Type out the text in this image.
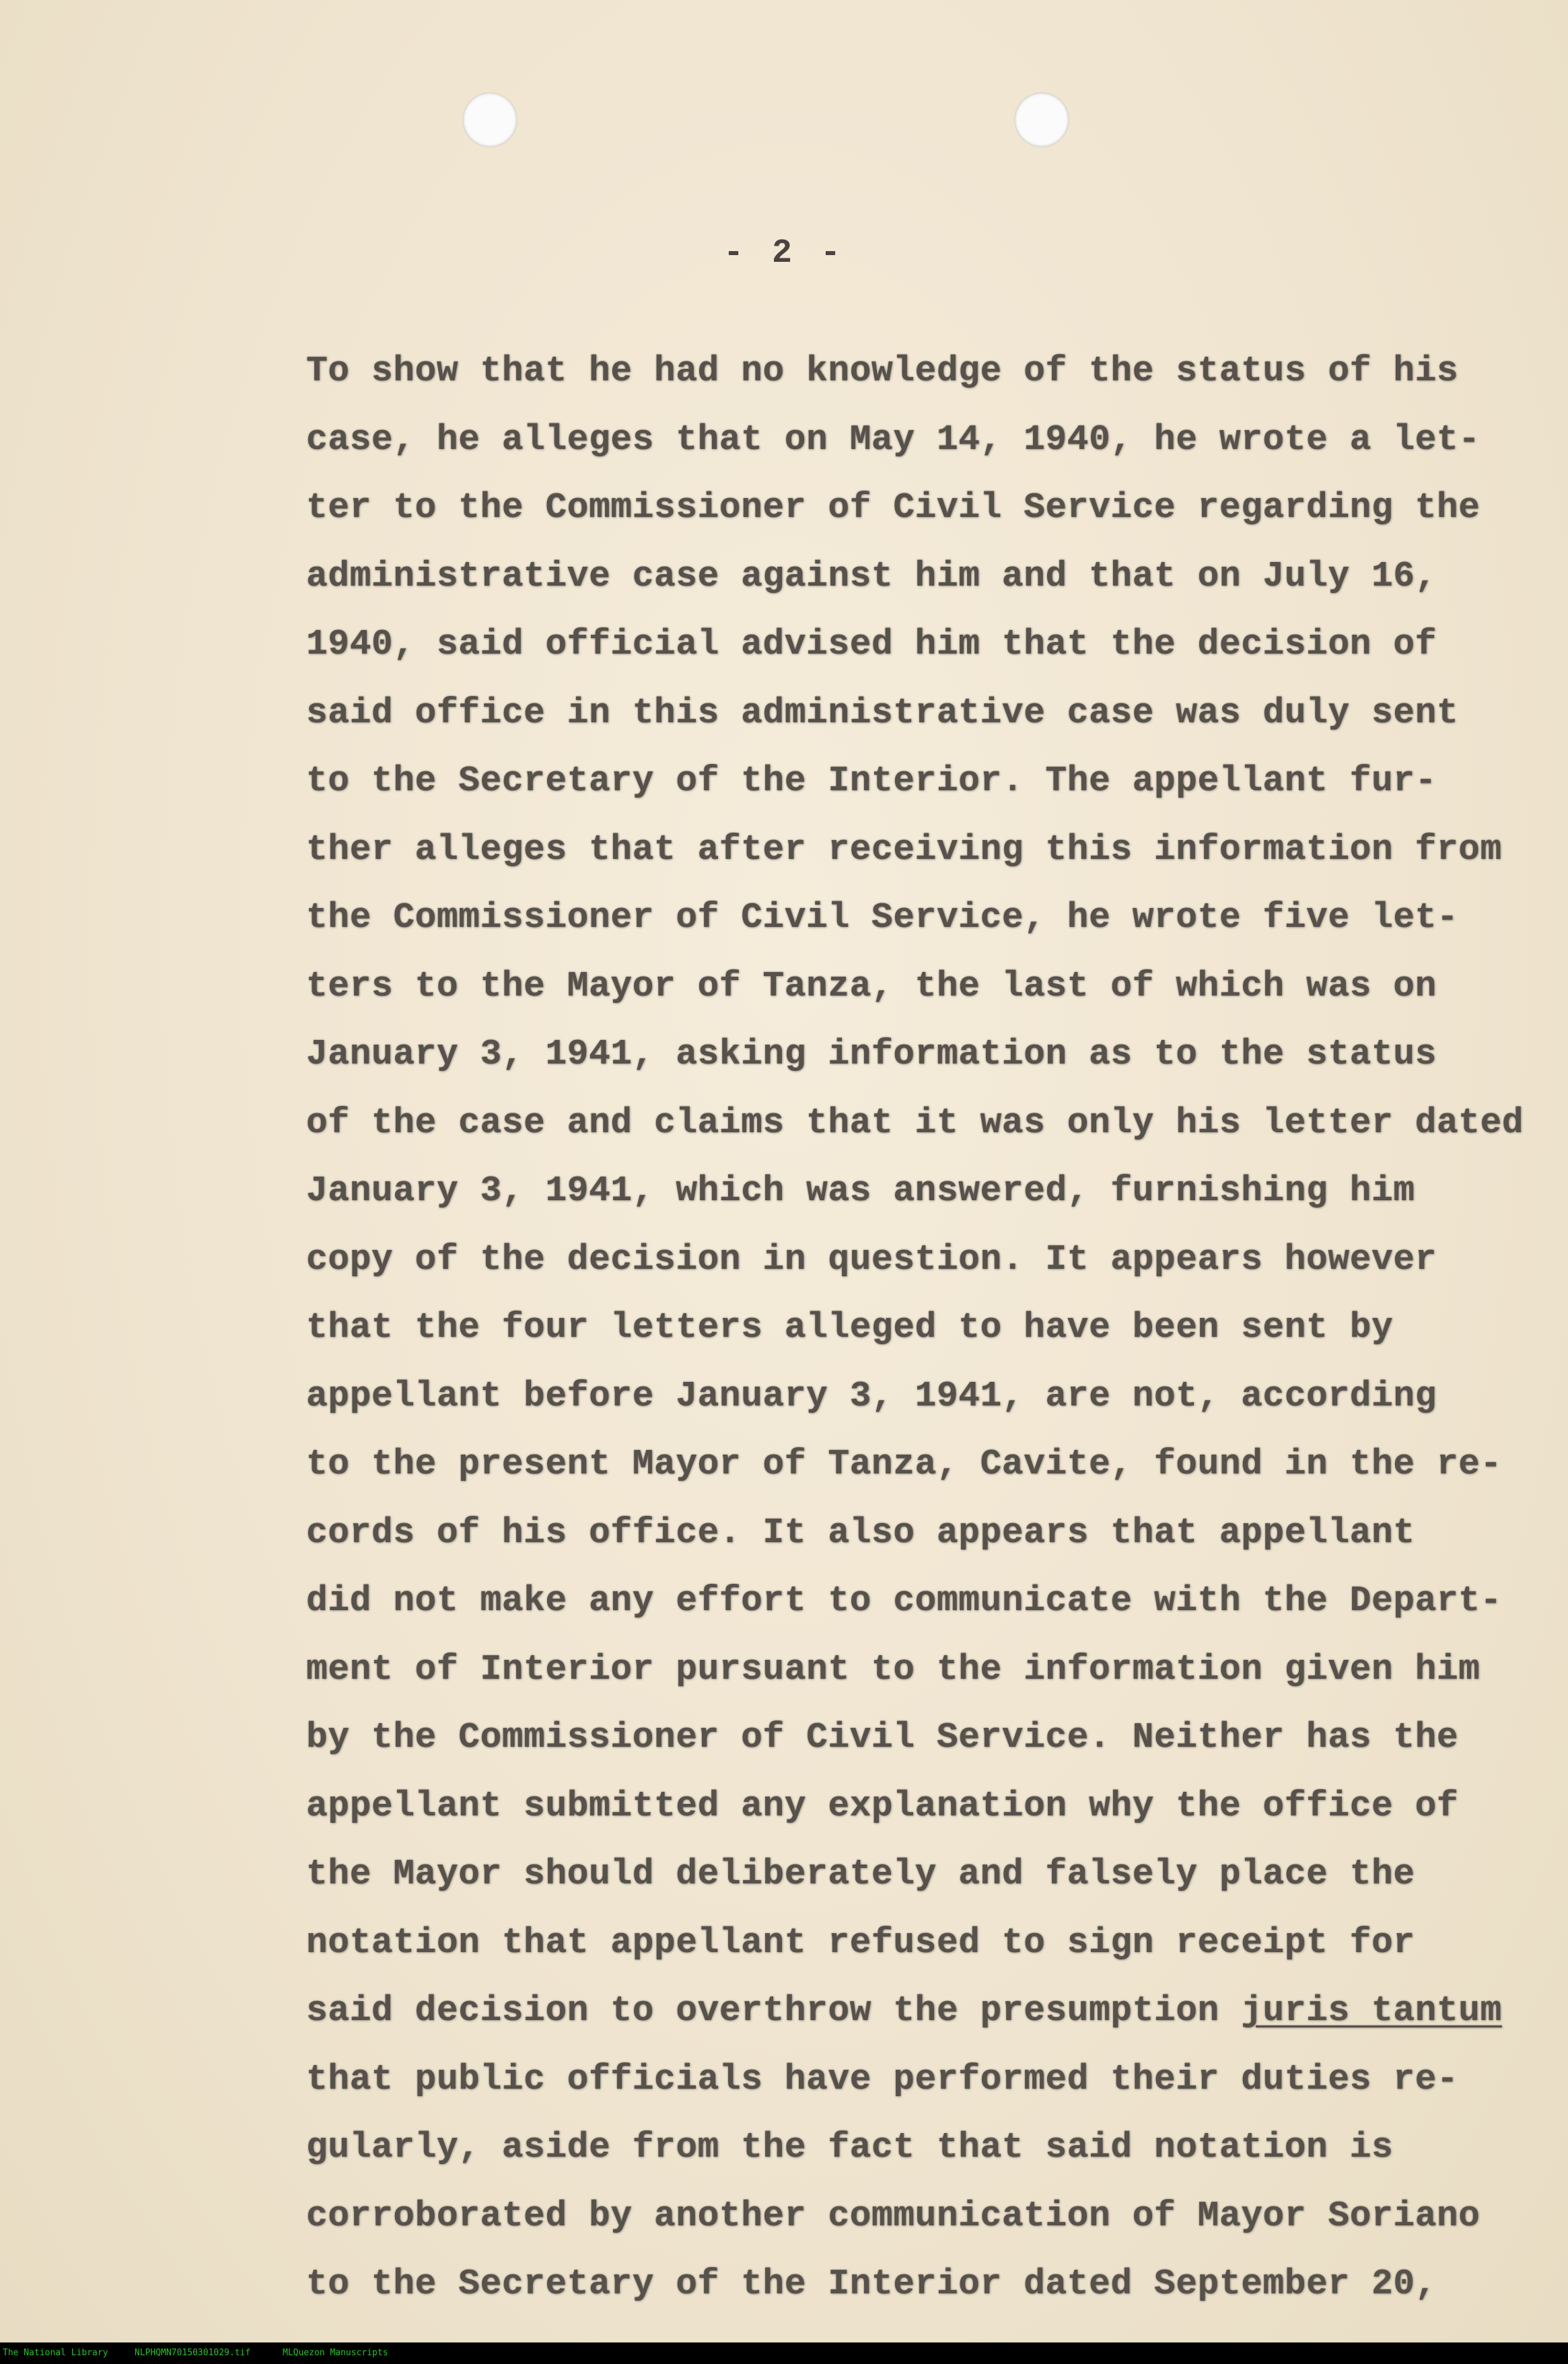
- 2 -
To show that he had no knowledge of the status of his
case, he alleges that on May 14, 1940, he wrote a let-
ter to the Commissioner of Civil Service regarding the
administrative case against him and that on July 16,
1940, said official advised him that the decision of
said office in this administrative case was duly sent
to the Secretary of the Interior. The appellant fur-
ther alleges that after receiving this information from
the Commissioner of Civil Service, he wrote five let-
ters to the Mayor of Tanza, the last of which was on
January 3, 1941, asking information as to the status
of the case and claims that it was only his letter dated
January 3, 1941, which was answered, furnishing him
copy of the decision in question. It appears however
that the four letters alleged to have been sent by
appellant before January 3, 1941, are not, according
to the present Mayor of Tanza, Cavite, found in the re-
cords of his office. It also appears that appellant
did not make any effort to communicate with the Depart-
ment of Interior pursuant to the information given him
by the Commissioner of Civil Service. Neither has the
appellant submitted any explanation why the office of
the Mayor should deliberately and falsely place the
notation that appellant refused to sign receipt for
said decision to overthrow the presumption juris tantum
that public officials have performed their duties re-
gularly, aside from the fact that said notation is
corroborated by another communication of Mayor Soriano
to the Secretary of the Interior dated September 20,
The National Library	NLPHQMN70150301029.tif	MLQuezon Manuscripts
